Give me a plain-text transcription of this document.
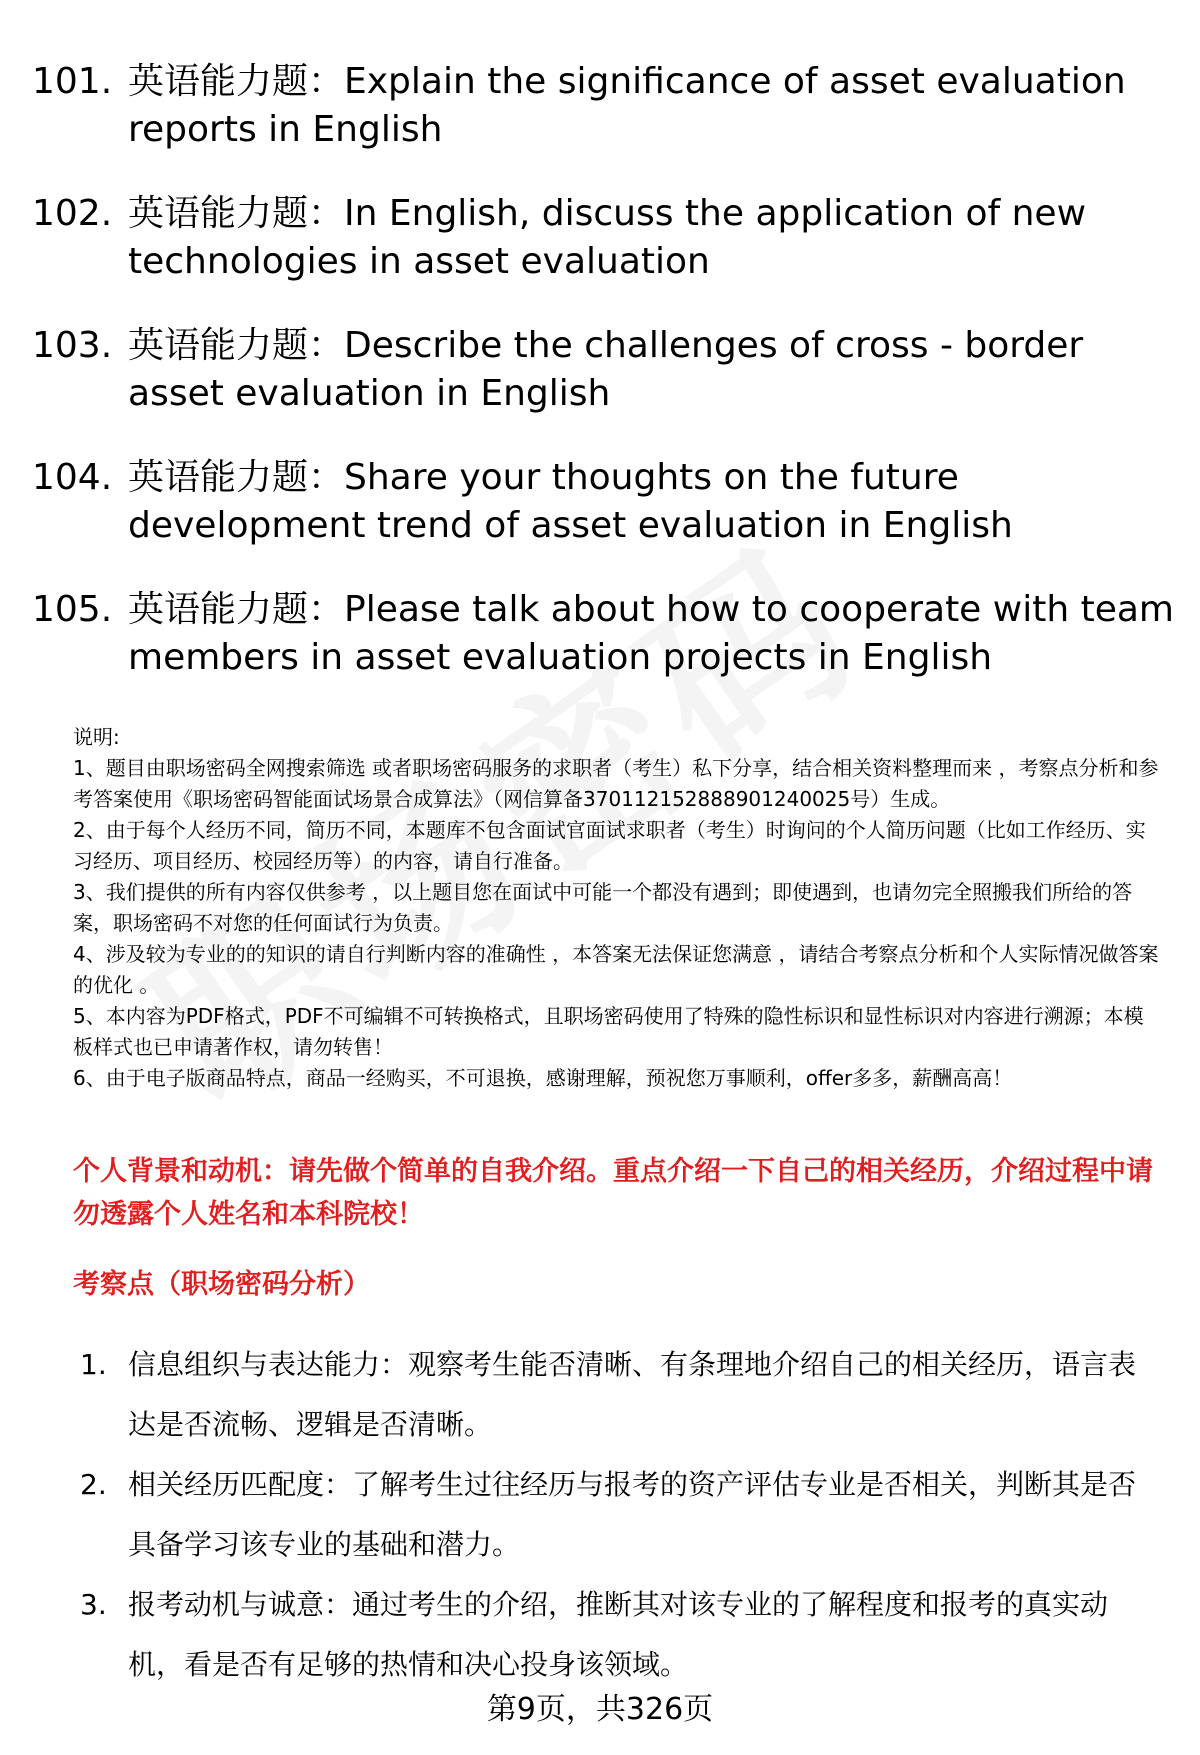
101. 英语能力题：Explain the significance of asset evaluation reports in English
102. 英语能力题：In English, discuss the application of new technologies in asset evaluation
103. 英语能力题：Describe the challenges of cross - border asset evaluation in English
104. 英语能力题：Share your thoughts on the future development trend of asset evaluation in English
105. 英语能力题：Please talk about how to cooperate with team members in asset evaluation projects in English

说明:

1、题目由职场密码全网搜索筛选 或者职场密码服务的求职者（考生）私下分享，结合相关资料整理而来 ，考察点分析和参考答案使用《职场密码智能面试场景合成算法》（网信算备370112152888901240025号）生成。

2、由于每个人经历不同，简历不同，本题库不包含面试官面试求职者（考生）时询问的个人简历问题（比如工作经历、实习经历、项目经历、校园经历等）的内容，请自行准备。

3、我们提供的所有内容仅供参考 ，以上题目您在面试中可能一个都没有遇到；即使遇到，也请勿完全照搬我们所给的答案，职场密码不对您的任何面试行为负责。

4、涉及较为专业的的知识的请自行判断内容的准确性 ，本答案无法保证您满意 ，请结合考察点分析和个人实际情况做答案的优化 。

5、本内容为PDF格式，PDF不可编辑不可转换格式，且职场密码使用了特殊的隐性标识和显性标识对内容进行溯源；本模板样式也已申请著作权，请勿转售！

6、由于电子版商品特点，商品一经购买，不可退换，感谢理解，预祝您万事顺利，offer多多，薪酬高高！

个人背景和动机：请先做个简单的自我介绍。重点介绍一下自己的相关经历，介绍过程中请勿透露个人姓名和本科院校！
考察点（职场密码分析）
1. 信息组织与表达能力：观察考生能否清晰、有条理地介绍自己的相关经历，语言表达是否流畅、逻辑是否清晰。
2. 相关经历匹配度：了解考生过往经历与报考的资产评估专业是否相关，判断其是否具备学习该专业的基础和潜力。
3. 报考动机与诚意：通过考生的介绍，推断其对该专业的了解程度和报考的真实动机，看是否有足够的热情和决心投身该领域。
第9页，共326页
